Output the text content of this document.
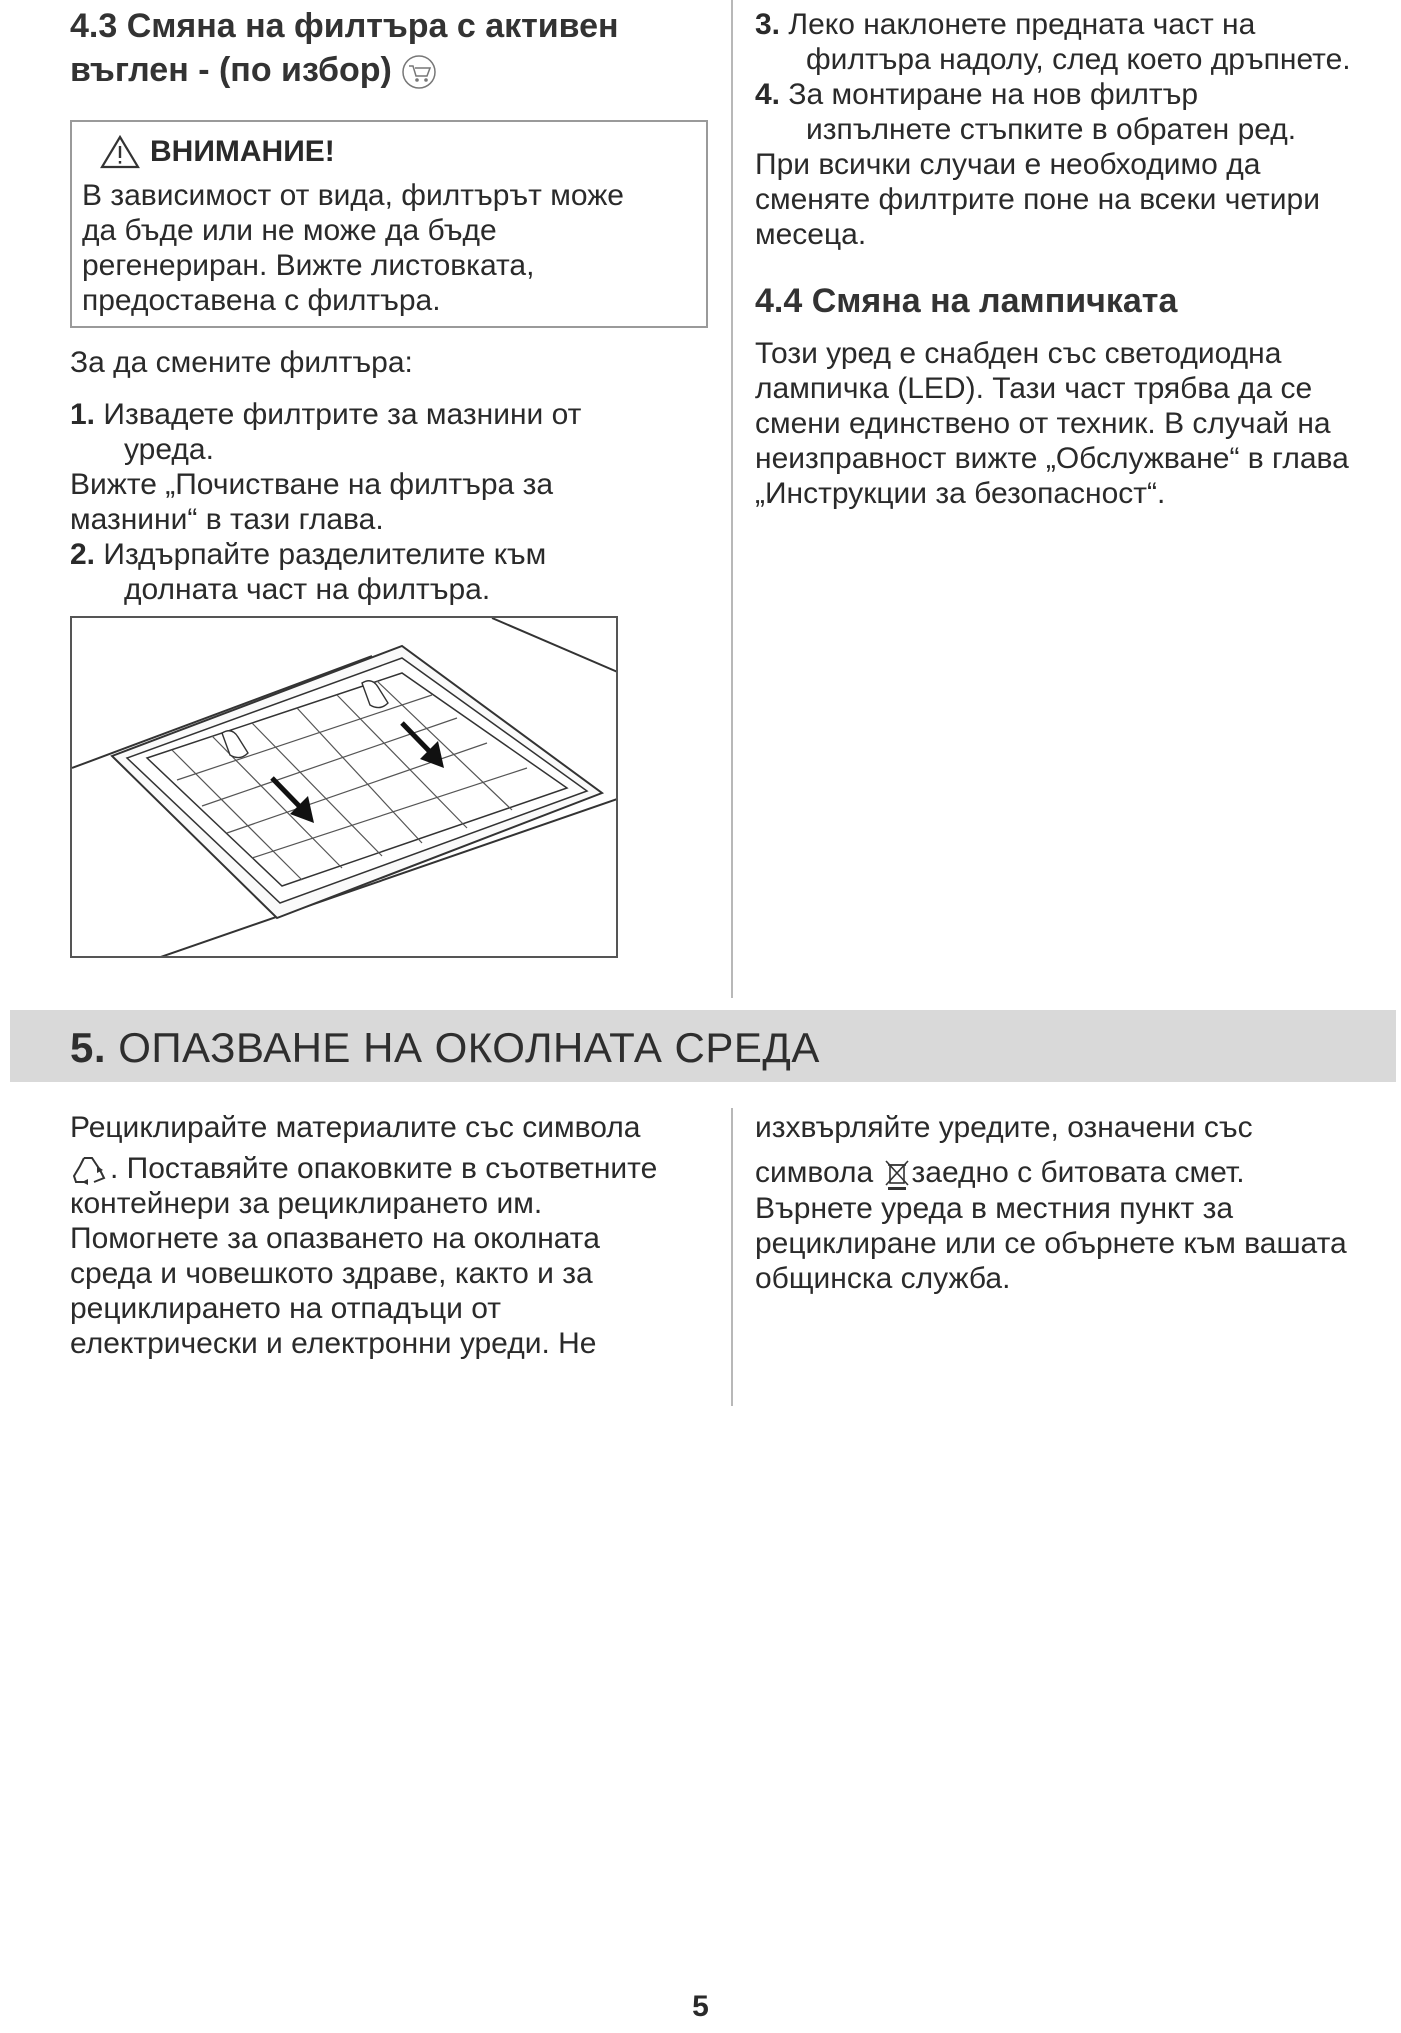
4.3 Смяна на филтъра с активен
въглен - (по избор)
ВНИМАНИЕ!
В зависимост от вида, филтърът може
да бъде или не може да бъде
регенериран. Вижте листовката,
предоставена с филтъра.

За да смените филтъра:

1. Извадете филтрите за мазнини от

уреда.

Вижте „Почистване на филтъра за

мазнини“ в тази глава.

2. Издърпайте разделителите към

долната част на филтъра.

3. Леко наклонете предната част на

филтъра надолу, след което дръпнете.

4. За монтиране на нов филтър

изпълнете стъпките в обратен ред.

При всички случаи е необходимо да

сменяте филтрите поне на всеки четири

месеца.

4.4 Смяна на лампичката

Този уред е снабден със светодиодна

лампичка (LED). Тази част трябва да се

смени единствено от техник. В случай на

неизправност вижте „Обслужване“ в глава

„Инструкции за безопасност“.

5. ОПАЗВАНЕ НА ОКОЛНАТА СРЕДА

Рециклирайте материалите със символа

. Поставяйте опаковките в съответните

контейнери за рециклирането им.

Помогнете за опазването на околната

среда и човешкото здраве, както и за

рециклирането на отпадъци от

електрически и електронни уреди. Не

изхвърляйте уредите, означени със

символа заедно с битовата смет.

Върнете уреда в местния пункт за

рециклиране или се обърнете към вашата

общинска служба.

5
